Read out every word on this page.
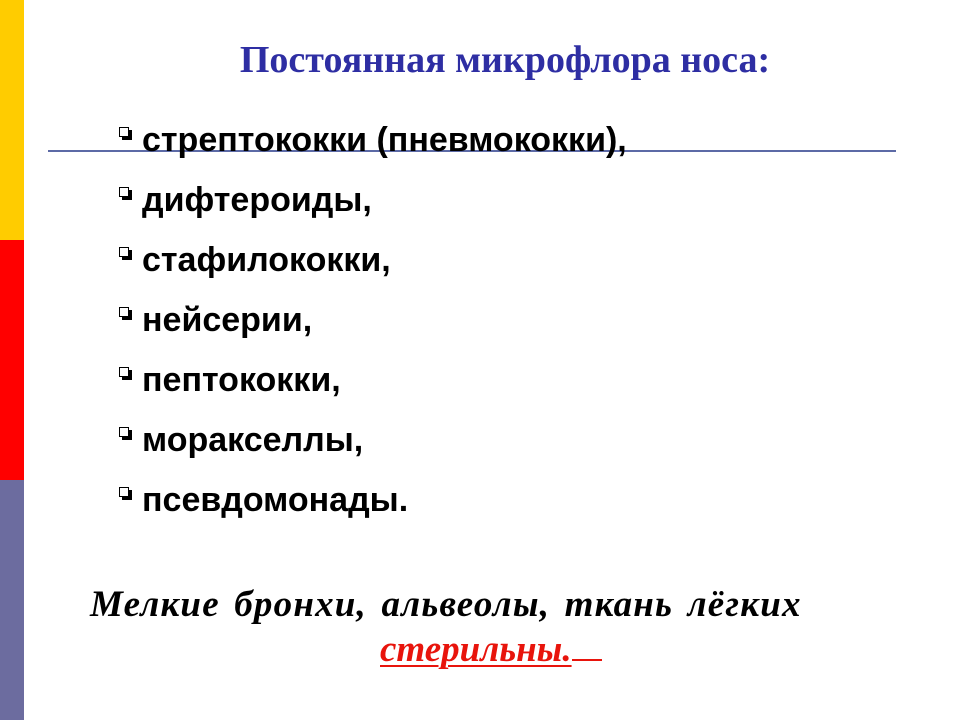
Постоянная микрофлора носа:
стрептококки (пневмококки),
дифтероиды,
стафилококки,
нейсерии,
пептококки,
моракселлы,
псевдомонады.
Мелкие бронхи, альвеолы, ткань лёгких
стерильны.
